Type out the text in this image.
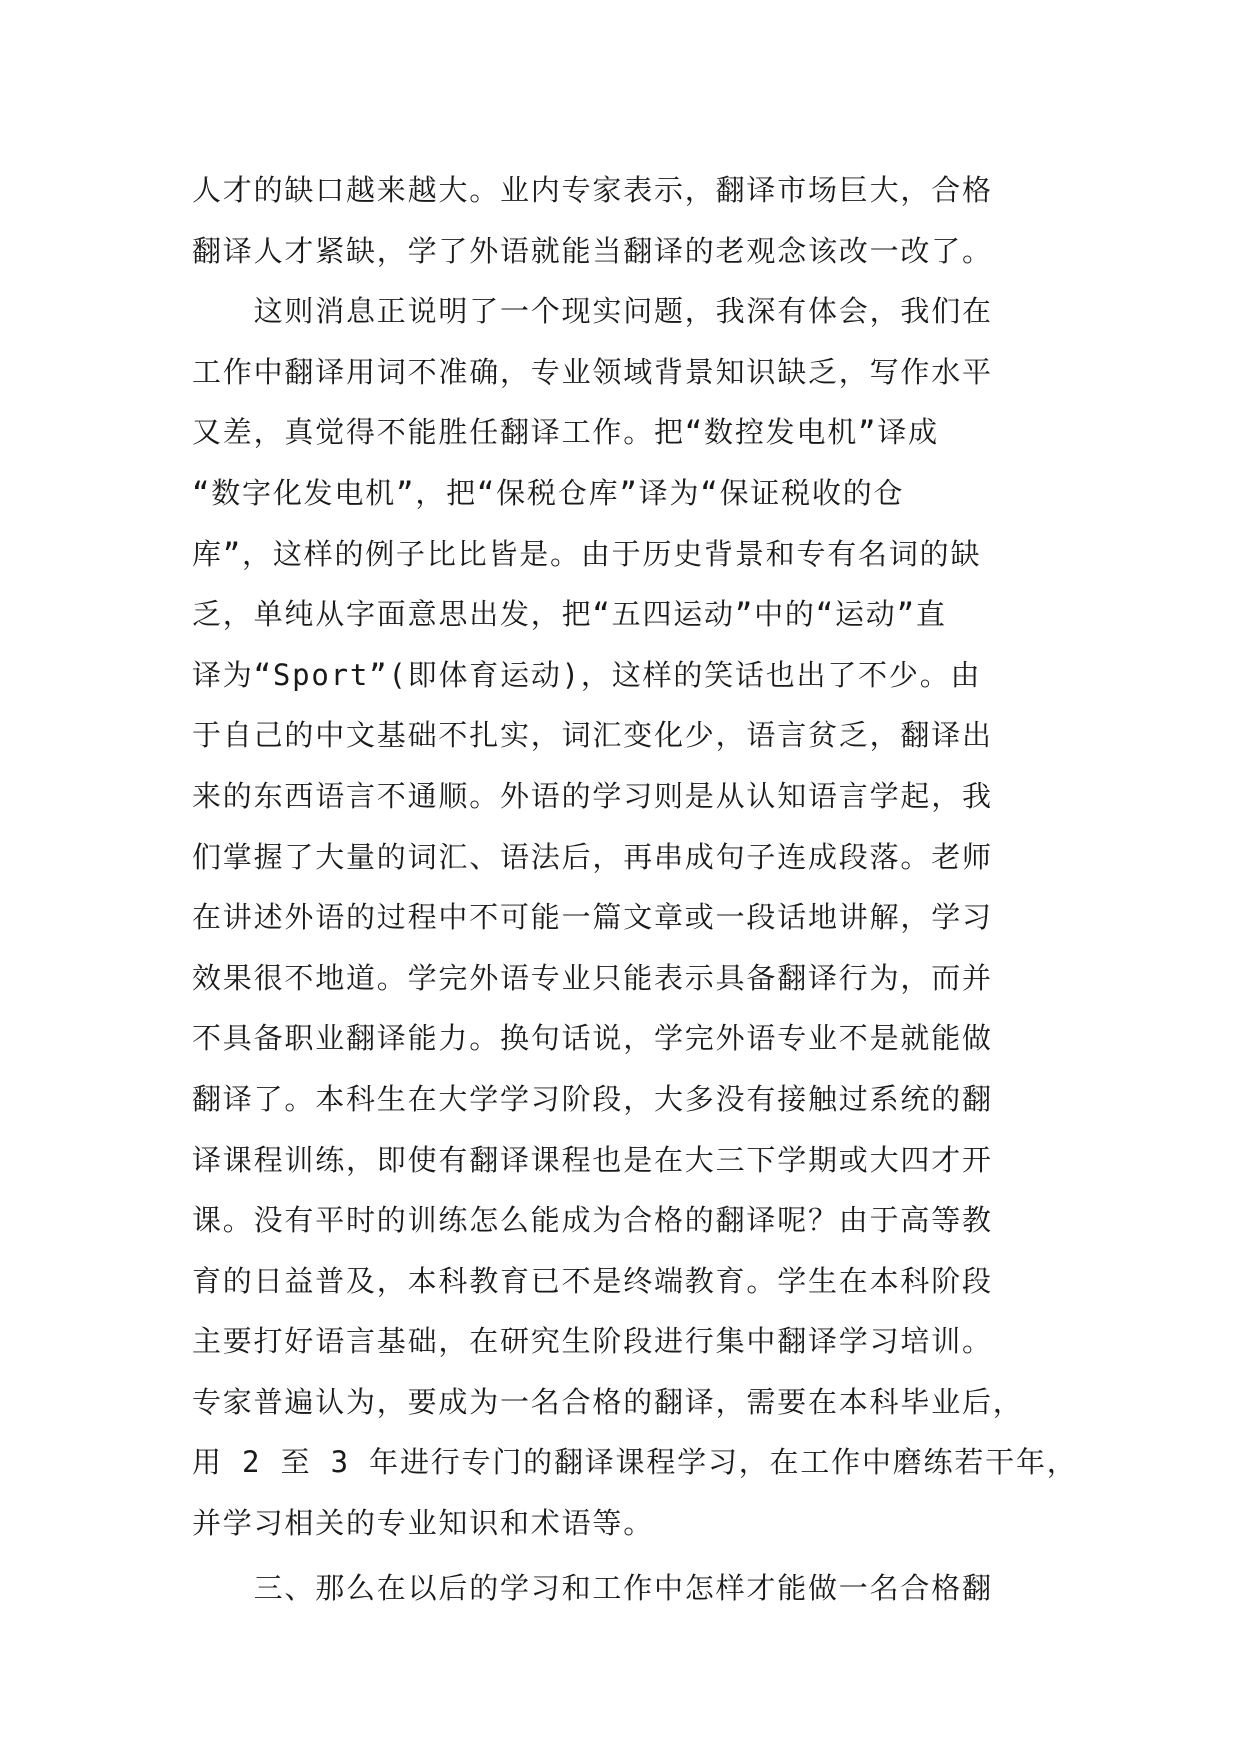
人才的缺口越来越大。业内专家表示，翻译市场巨大，合格
翻译人才紧缺，学了外语就能当翻译的老观念该改一改了。
　　这则消息正说明了一个现实问题，我深有体会，我们在
工作中翻译用词不准确，专业领域背景知识缺乏，写作水平
又差，真觉得不能胜任翻译工作。把“数控发电机”译成
“数字化发电机”，把“保税仓库”译为“保证税收的仓
库”，这样的例子比比皆是。由于历史背景和专有名词的缺
乏，单纯从字面意思出发，把“五四运动”中的“运动”直
译为“Sport”(即体育运动)，这样的笑话也出了不少。由
于自己的中文基础不扎实，词汇变化少，语言贫乏，翻译出
来的东西语言不通顺。外语的学习则是从认知语言学起，我
们掌握了大量的词汇、语法后，再串成句子连成段落。老师
在讲述外语的过程中不可能一篇文章或一段话地讲解，学习
效果很不地道。学完外语专业只能表示具备翻译行为，而并
不具备职业翻译能力。换句话说，学完外语专业不是就能做
翻译了。本科生在大学学习阶段，大多没有接触过系统的翻
译课程训练，即使有翻译课程也是在大三下学期或大四才开
课。没有平时的训练怎么能成为合格的翻译呢？由于高等教
育的日益普及，本科教育已不是终端教育。学生在本科阶段
主要打好语言基础，在研究生阶段进行集中翻译学习培训。
专家普遍认为，要成为一名合格的翻译，需要在本科毕业后，
用 2 至 3 年进行专门的翻译课程学习，在工作中磨练若干年，
并学习相关的专业知识和术语等。
　　三、那么在以后的学习和工作中怎样才能做一名合格翻
